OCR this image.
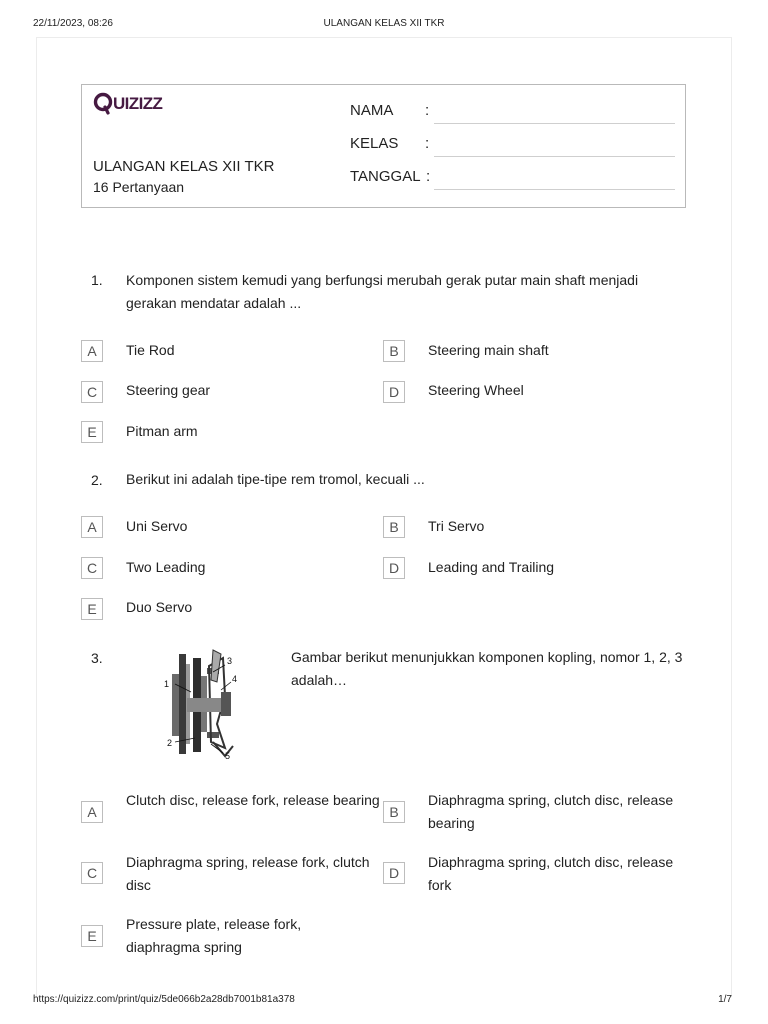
22/11/2023, 08:26	ULANGAN KELAS XII TKR
UIZIZZ
ULANGAN KELAS XII TKR
16 Pertanyaan
NAMA :
KELAS :
TANGGAL :
1. Komponen sistem kemudi yang berfungsi merubah gerak putar main shaft menjadi gerakan mendatar adalah ...
A	Tie Rod	B	Steering main shaft
C	Steering gear	D	Steering Wheel
E	Pitman arm
2. Berikut ini adalah tipe-tipe rem tromol, kecuali ...
A	Uni Servo	B	Tri Servo
C	Two Leading	D	Leading and Trailing
E	Duo Servo
3.
1
2
3
4
5
Gambar berikut menunjukkan komponen kopling, nomor 1, 2, 3 adalah…
A
Clutch disc, release fork, release bearing
B
Diaphragma spring, clutch disc, release bearing
C
Diaphragma spring, release fork, clutch disc
D
Diaphragma spring, clutch disc, release fork
E
Pressure plate, release fork, diaphragma spring
https://quizizz.com/print/quiz/5de066b2a28db7001b81a378	1/7
